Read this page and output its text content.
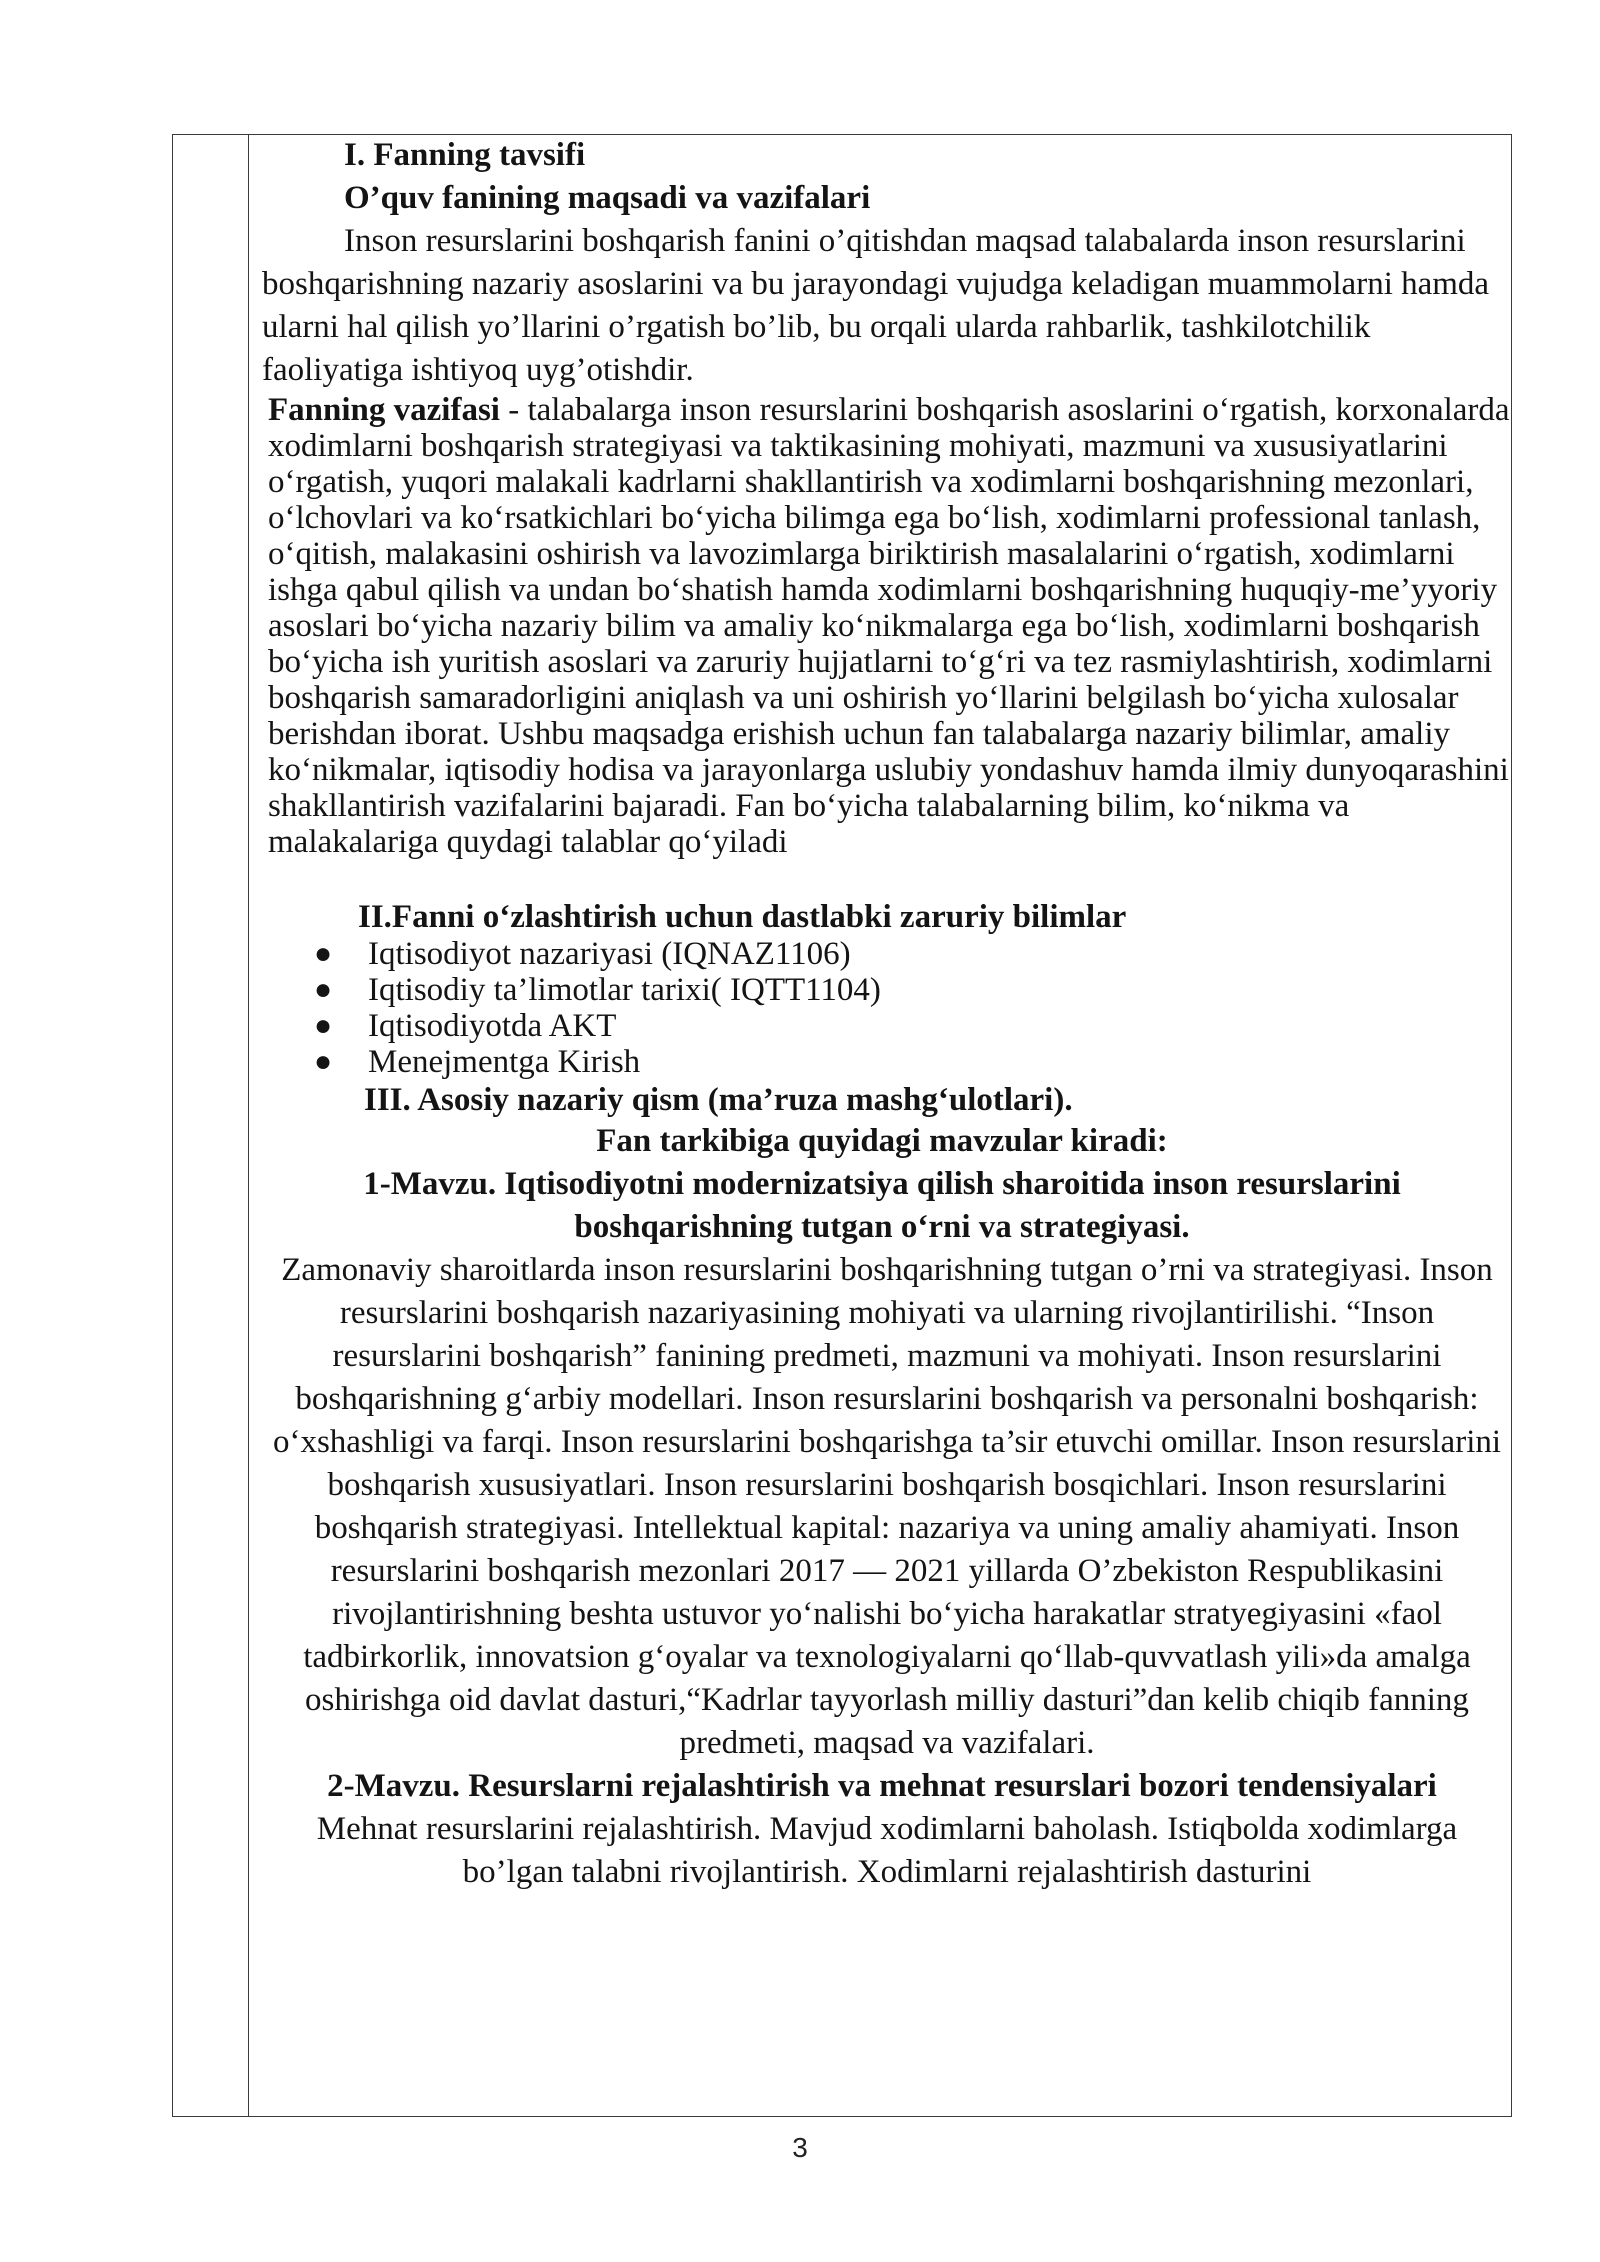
I. Fanning tavsifi

O’quv fanining maqsadi va vazifalari

Inson resurslarini boshqarish fanini o’qitishdan maqsad talabalarda inson resurslarini boshqarishning nazariy asoslarini va bu jarayondagi vujudga keladigan muammolarni hamda ularni hal qilish yo’llarini o’rgatish bo’lib, bu orqali ularda rahbarlik, tashkilotchilik faoliyatiga ishtiyoq uyg’otishdir.

Fanning vazifasi - talabalarga inson resurslarini boshqarish asoslarini o‘rgatish, korxonalarda xodimlarni boshqarish strategiyasi va taktikasining mohiyati, mazmuni va xususiyatlarini o‘rgatish, yuqori malakali kadrlarni shakllantirish va xodimlarni boshqarishning mezonlari, o‘lchovlari va ko‘rsatkichlari bo‘yicha bilimga ega bo‘lish, xodimlarni professional tanlash, o‘qitish, malakasini oshirish va lavozimlarga biriktirish masalalarini o‘rgatish, xodimlarni ishga qabul qilish va undan bo‘shatish hamda xodimlarni boshqarishning huquqiy-me’yyoriy asoslari bo‘yicha nazariy bilim va amaliy ko‘nikmalarga ega bo‘lish, xodimlarni boshqarish bo‘yicha ish yuritish asoslari va zaruriy hujjatlarni to‘g‘ri va tez rasmiylashtirish, xodimlarni boshqarish samaradorligini aniqlash va uni oshirish yo‘llarini belgilash bo‘yicha xulosalar berishdan iborat. Ushbu maqsadga erishish uchun fan talabalarga nazariy bilimlar, amaliy ko‘nikmalar, iqtisodiy hodisa va jarayonlarga uslubiy yondashuv hamda ilmiy dunyoqarashini shakllantirish vazifalarini bajaradi. Fan bo‘yicha talabalarning bilim, ko‘nikma va malakalariga quydagi talablar qo‘yiladi

II.Fanni o‘zlashtirish uchun dastlabki zaruriy bilimlar

● Iqtisodiyot nazariyasi (IQNAZ1106)
● Iqtisodiy ta’limotlar tarixi( IQTT1104)
● Iqtisodiyotda AKT
● Menejmentga Kirish

III. Asosiy nazariy qism (ma’ruza mashg‘ulotlari).

Fan tarkibiga quyidagi mavzular kiradi:

1-Mavzu. Iqtisodiyotni modernizatsiya qilish sharoitida inson resurslarini boshqarishning tutgan o‘rni va strategiyasi.

Zamonaviy sharoitlarda inson resurslarini boshqarishning tutgan o’rni va strategiyasi. Inson resurslarini boshqarish nazariyasining mohiyati va ularning rivojlantirilishi. “Inson resurslarini boshqarish” fanining predmeti, mazmuni va mohiyati. Inson resurslarini boshqarishning g‘arbiy modellari. Inson resurslarini boshqarish va personalni boshqarish: o‘xshashligi va farqi. Inson resurslarini boshqarishga ta’sir etuvchi omillar. Inson resurslarini boshqarish xususiyatlari. Inson resurslarini boshqarish bosqichlari. Inson resurslarini boshqarish strategiyasi. Intellektual kapital: nazariya va uning amaliy ahamiyati. Inson resurslarini boshqarish mezonlari 2017 — 2021 yillarda O’zbekiston Respublikasini rivojlantirishning beshta ustuvor yo‘nalishi bo‘yicha harakatlar stratyegiyasini «faol tadbirkorlik, innovatsion g‘oyalar va texnologiyalarni qo‘llab-quvvatlash yili»da amalga oshirishga oid davlat dasturi,“Kadrlar tayyorlash milliy dasturi”dan kelib chiqib fanning predmeti, maqsad va vazifalari.

2-Mavzu. Resurslarni rejalashtirish va mehnat resurslari bozori tendensiyalari

Mehnat resurslarini rejalashtirish. Mavjud xodimlarni baholash. Istiqbolda xodimlarga bo’lgan talabni rivojlantirish. Xodimlarni rejalashtirish dasturini

3
